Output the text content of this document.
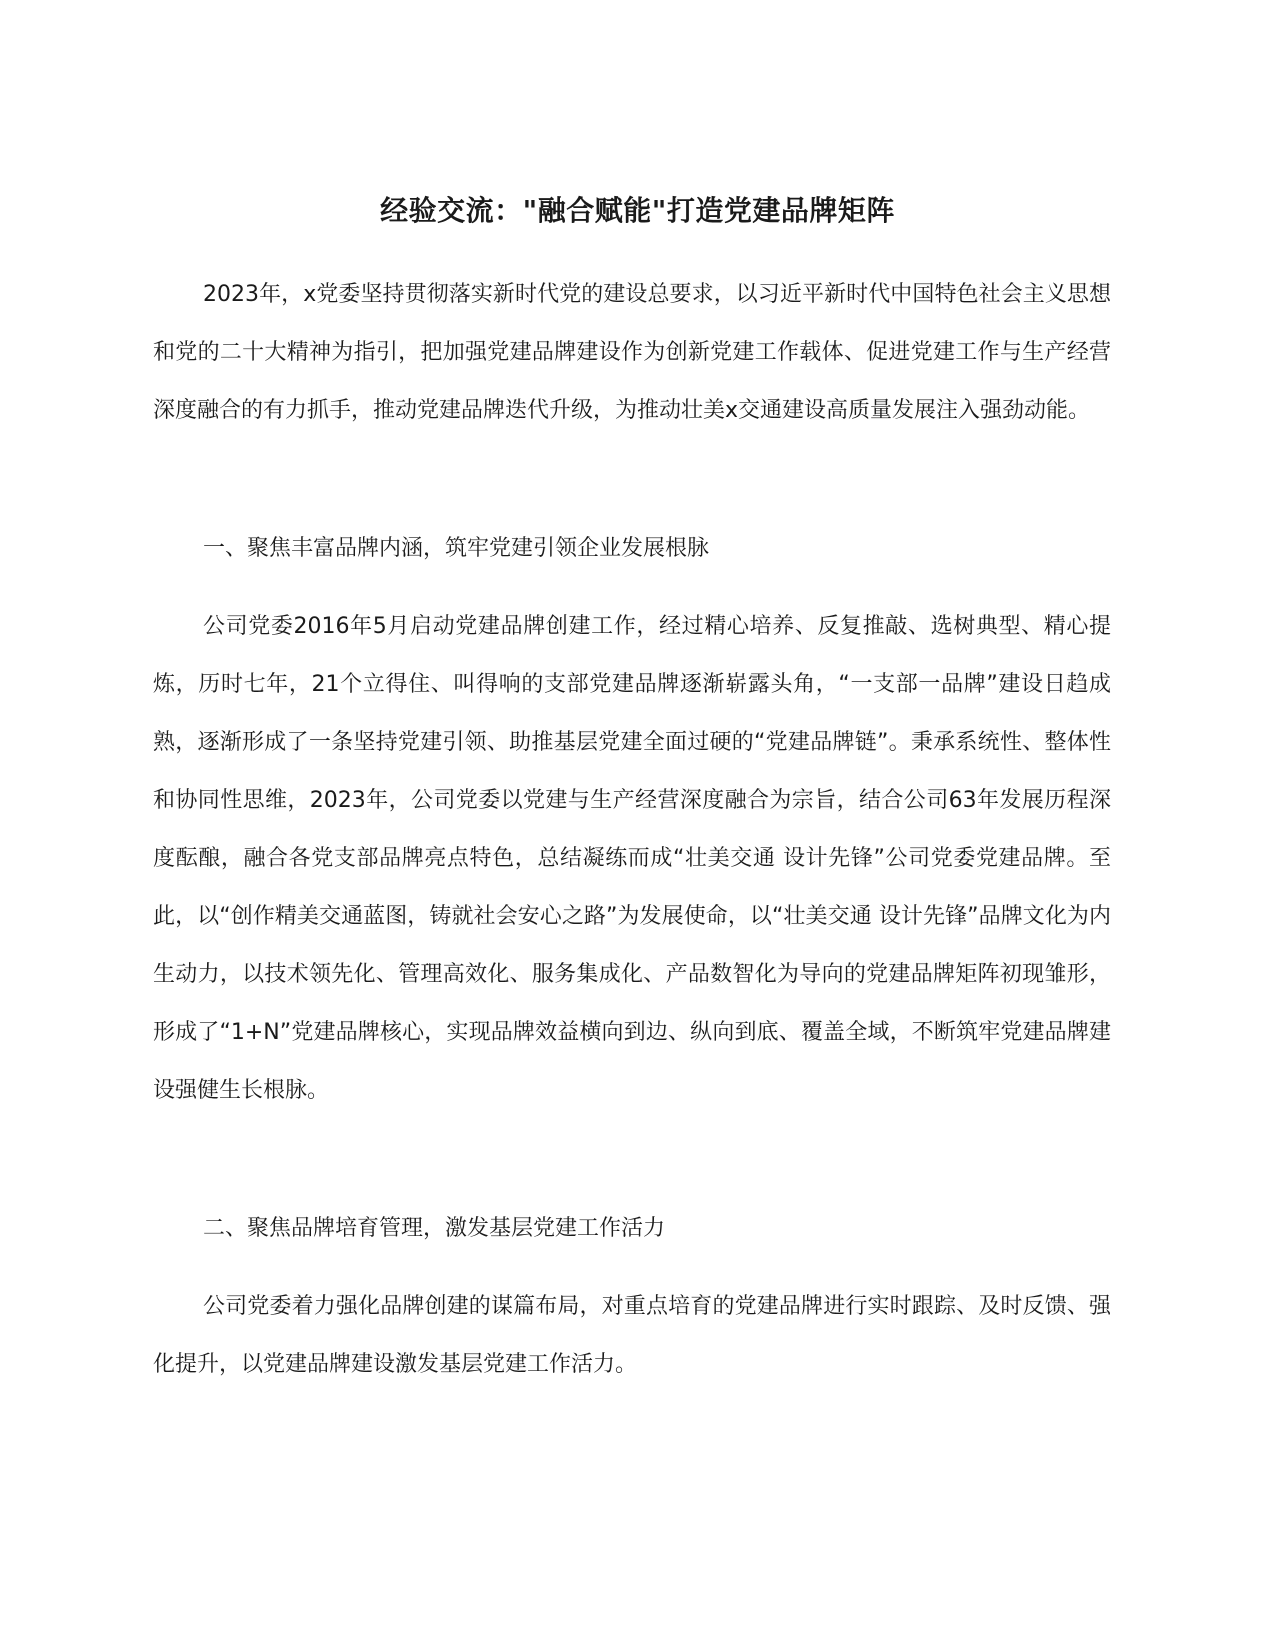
经验交流："融合赋能"打造党建品牌矩阵

2023年，x党委坚持贯彻落实新时代党的建设总要求，以习近平新时代中国特色社会主义思想和党的二十大精神为指引，把加强党建品牌建设作为创新党建工作载体、促进党建工作与生产经营深度融合的有力抓手，推动党建品牌迭代升级，为推动壮美x交通建设高质量发展注入强劲动能。

一、聚焦丰富品牌内涵，筑牢党建引领企业发展根脉

公司党委2016年5月启动党建品牌创建工作，经过精心培养、反复推敲、选树典型、精心提炼，历时七年，21个立得住、叫得响的支部党建品牌逐渐崭露头角，“一支部一品牌”建设日趋成熟，逐渐形成了一条坚持党建引领、助推基层党建全面过硬的“党建品牌链”。秉承系统性、整体性和协同性思维，2023年，公司党委以党建与生产经营深度融合为宗旨，结合公司63年发展历程深度酝酿，融合各党支部品牌亮点特色，总结凝练而成“壮美交通 设计先锋”公司党委党建品牌。至此，以“创作精美交通蓝图，铸就社会安心之路”为发展使命，以“壮美交通 设计先锋”品牌文化为内生动力，以技术领先化、管理高效化、服务集成化、产品数智化为导向的党建品牌矩阵初现雏形，形成了“1+N”党建品牌核心，实现品牌效益横向到边、纵向到底、覆盖全域，不断筑牢党建品牌建设强健生长根脉。

二、聚焦品牌培育管理，激发基层党建工作活力

公司党委着力强化品牌创建的谋篇布局，对重点培育的党建品牌进行实时跟踪、及时反馈、强化提升，以党建品牌建设激发基层党建工作活力。
